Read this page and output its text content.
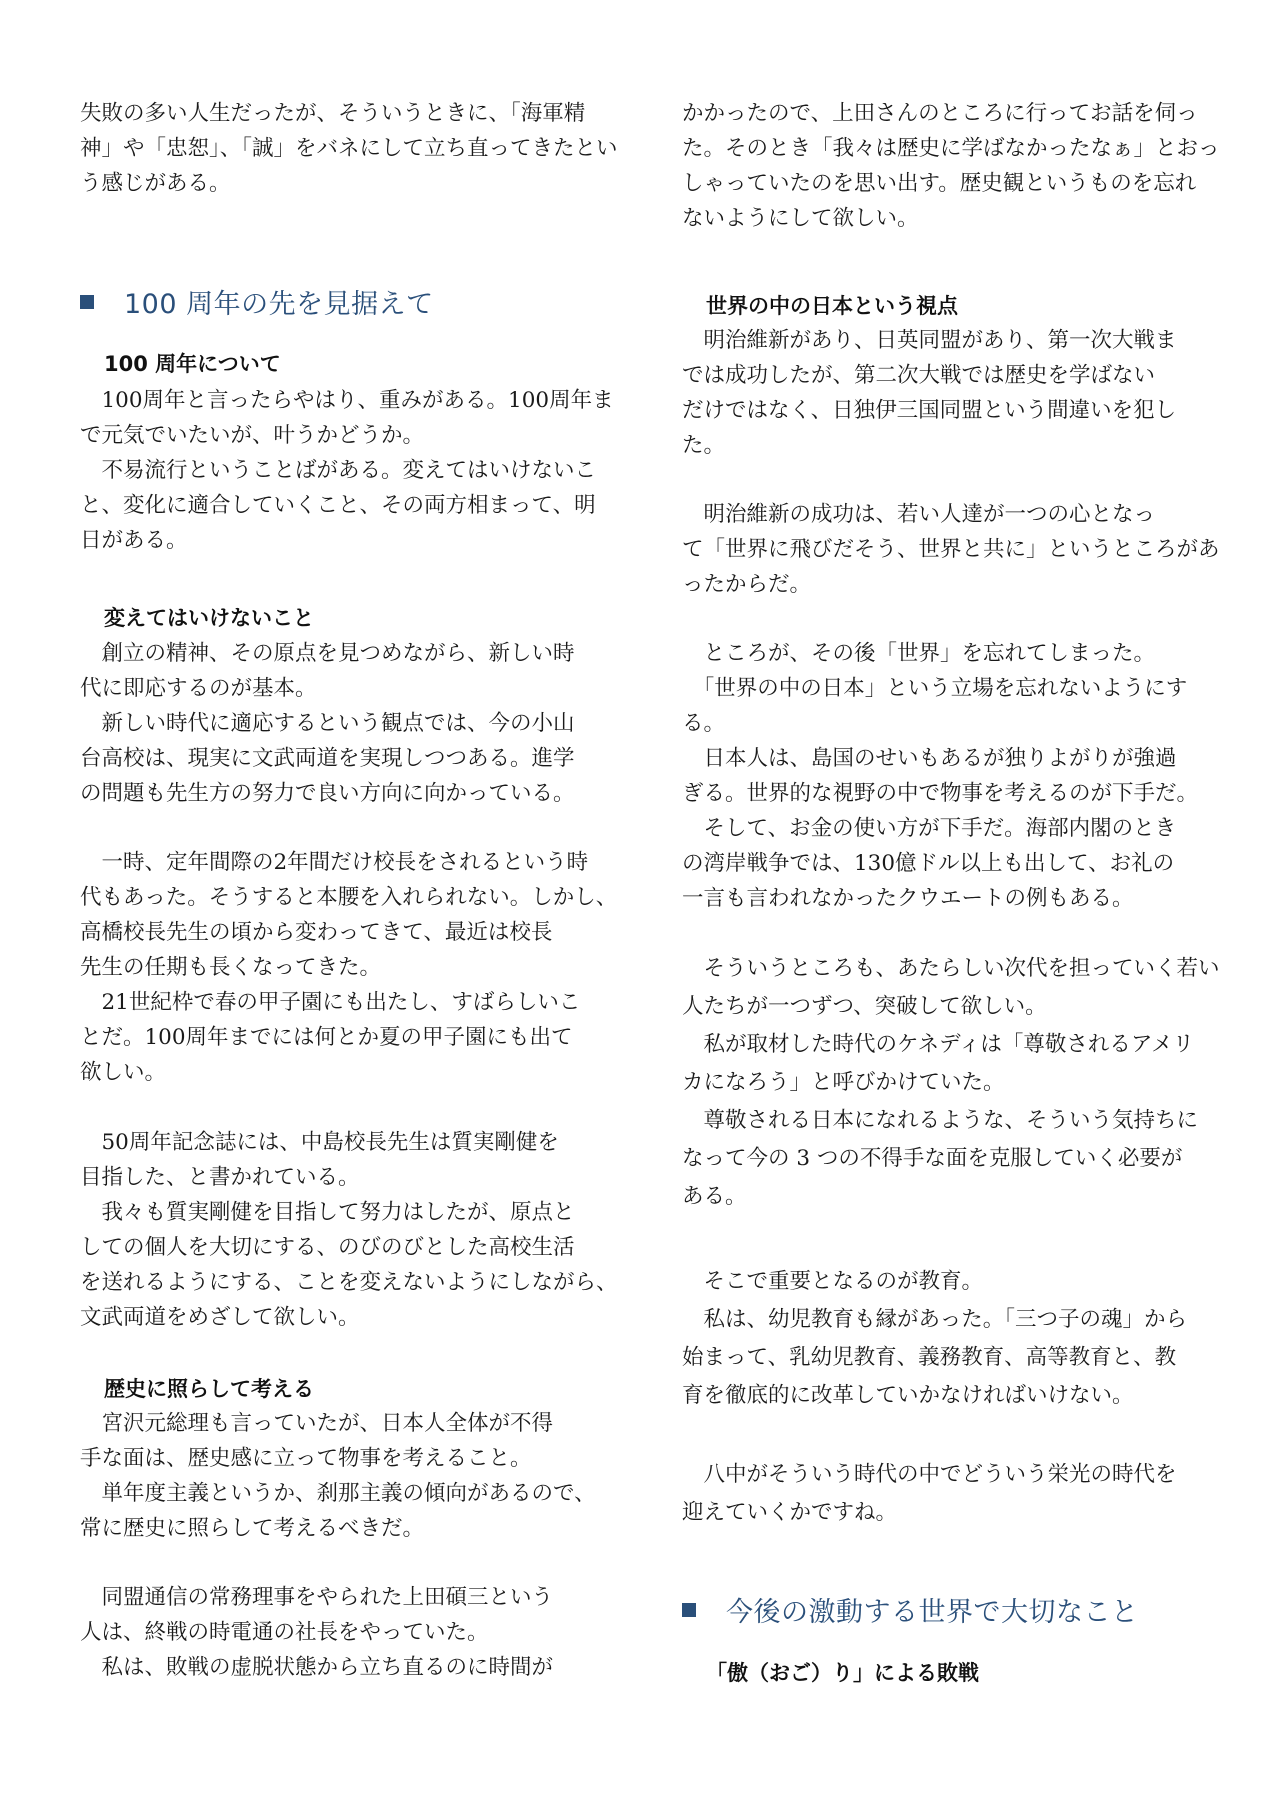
失敗の多い人生だったが、そういうときに、「海軍精

神」や「忠恕」、「誠」をバネにして立ち直ってきたとい

う感じがある。

100 周年の先を見据えて
100 周年について

　100周年と言ったらやはり、重みがある。100周年ま

で元気でいたいが、叶うかどうか。

　不易流行ということばがある。変えてはいけないこ

と、変化に適合していくこと、その両方相まって、明

日がある。

変えてはいけないこと

　創立の精神、その原点を見つめながら、新しい時

代に即応するのが基本。

　新しい時代に適応するという観点では、今の小山

台高校は、現実に文武両道を実現しつつある。進学

の問題も先生方の努力で良い方向に向かっている。

　一時、定年間際の2年間だけ校長をされるという時

代もあった。そうすると本腰を入れられない。しかし、

高橋校長先生の頃から変わってきて、最近は校長

先生の任期も長くなってきた。

　21世紀枠で春の甲子園にも出たし、すばらしいこ

とだ。100周年までには何とか夏の甲子園にも出て

欲しい。

　50周年記念誌には、中島校長先生は質実剛健を

目指した、と書かれている。

　我々も質実剛健を目指して努力はしたが、原点と

しての個人を大切にする、のびのびとした高校生活

を送れるようにする、ことを変えないようにしながら、

文武両道をめざして欲しい。

歴史に照らして考える

　宮沢元総理も言っていたが、日本人全体が不得

手な面は、歴史感に立って物事を考えること。

　単年度主義というか、刹那主義の傾向があるので、

常に歴史に照らして考えるべきだ。

　同盟通信の常務理事をやられた上田碩三という

人は、終戦の時電通の社長をやっていた。

　私は、敗戦の虚脱状態から立ち直るのに時間が

かかったので、上田さんのところに行ってお話を伺っ

た。そのとき「我々は歴史に学ばなかったなぁ」とおっ

しゃっていたのを思い出す。歴史観というものを忘れ

ないようにして欲しい。

世界の中の日本という視点

　明治維新があり、日英同盟があり、第一次大戦ま

では成功したが、第二次大戦では歴史を学ばない

だけではなく、日独伊三国同盟という間違いを犯し

た。

　明治維新の成功は、若い人達が一つの心となっ

て「世界に飛びだそう、世界と共に」というところがあ

ったからだ。

　ところが、その後「世界」を忘れてしまった。

　「世界の中の日本」という立場を忘れないようにす

る。

　日本人は、島国のせいもあるが独りよがりが強過

ぎる。世界的な視野の中で物事を考えるのが下手だ。

　そして、お金の使い方が下手だ。海部内閣のとき

の湾岸戦争では、130億ドル以上も出して、お礼の

一言も言われなかったクウエートの例もある。

　そういうところも、あたらしい次代を担っていく若い

人たちが一つずつ、突破して欲しい。

　私が取材した時代のケネディは「尊敬されるアメリ

カになろう」と呼びかけていた。

　尊敬される日本になれるような、そういう気持ちに

なって今の 3 つの不得手な面を克服していく必要が

ある。

　そこで重要となるのが教育。

　私は、幼児教育も縁があった。「三つ子の魂」から

始まって、乳幼児教育、義務教育、高等教育と、教

育を徹底的に改革していかなければいけない。

　八中がそういう時代の中でどういう栄光の時代を

迎えていくかですね。

今後の激動する世界で大切なこと
「傲（おご）り」による敗戦
